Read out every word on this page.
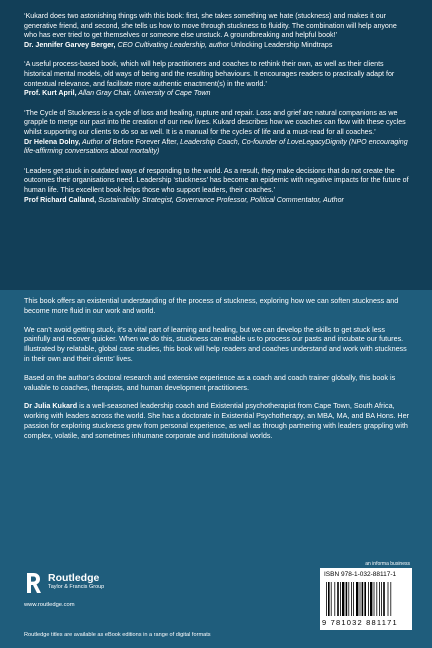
‘Kukard does two astonishing things with this book: first, she takes something we hate (stuckness) and makes it our generative friend, and second, she tells us how to move through stuckness to fluidity. The combination will help anyone who has ever tried to get themselves or someone else unstuck. A groundbreaking and helpful book!’
Dr. Jennifer Garvey Berger, CEO Cultivating Leadership, author Unlocking Leadership Mindtraps
‘A useful process-based book, which will help practitioners and coaches to rethink their own, as well as their clients historical mental models, old ways of being and the resulting behaviours. It encourages readers to practically adapt for contextual relevance, and facilitate more authentic enactment(s) in the world.’
Prof. Kurt April, Allan Gray Chair, University of Cape Town
‘The Cycle of Stuckness is a cycle of loss and healing, rupture and repair. Loss and grief are natural companions as we grapple to merge our past into the creation of our new lives. Kukard describes how we coaches can flow with these cycles whilst supporting our clients to do so as well. It is a manual for the cycles of life and a must-read for all coaches.’
Dr Helena Dolny, Author of Before Forever After, Leadership Coach, Co-founder of LoveLegacyDignity (NPO encouraging life-affirming conversations about mortality)
‘Leaders get stuck in outdated ways of responding to the world. As a result, they make decisions that do not create the outcomes their organisations need. Leadership ‘stuckness’ has become an epidemic with negative impacts for the future of human life. This excellent book helps those who support leaders, their coaches.’
Prof Richard Calland, Sustainability Strategist, Governance Professor, Political Commentator, Author

This book offers an existential understanding of the process of stuckness, exploring how we can soften stuckness and become more fluid in our work and world.

We can’t avoid getting stuck, it’s a vital part of learning and healing, but we can develop the skills to get stuck less painfully and recover quicker. When we do this, stuckness can enable us to process our pasts and incubate our futures. Illustrated by relatable, global case studies, this book will help readers and coaches understand and work with stuckness in their own and their clients’ lives.

Based on the author’s doctoral research and extensive experience as a coach and coach trainer globally, this book is valuable to coaches, therapists, and human development practitioners.

Dr Julia Kukard is a well-seasoned leadership coach and Existential psychotherapist from Cape Town, South Africa, working with leaders across the world. She has a doctorate in Existential Psychotherapy, an MBA, MA, and BA Hons. Her passion for exploring stuckness grew from personal experience, as well as through partnering with leaders grappling with complex, volatile, and sometimes inhumane corporate and institutional worlds.

an informa business
Routledge
Taylor & Francis Group
www.routledge.com
ISBN 978-1-032-88117-1
9 781032 881171
Routledge titles are available as eBook editions in a range of digital formats
